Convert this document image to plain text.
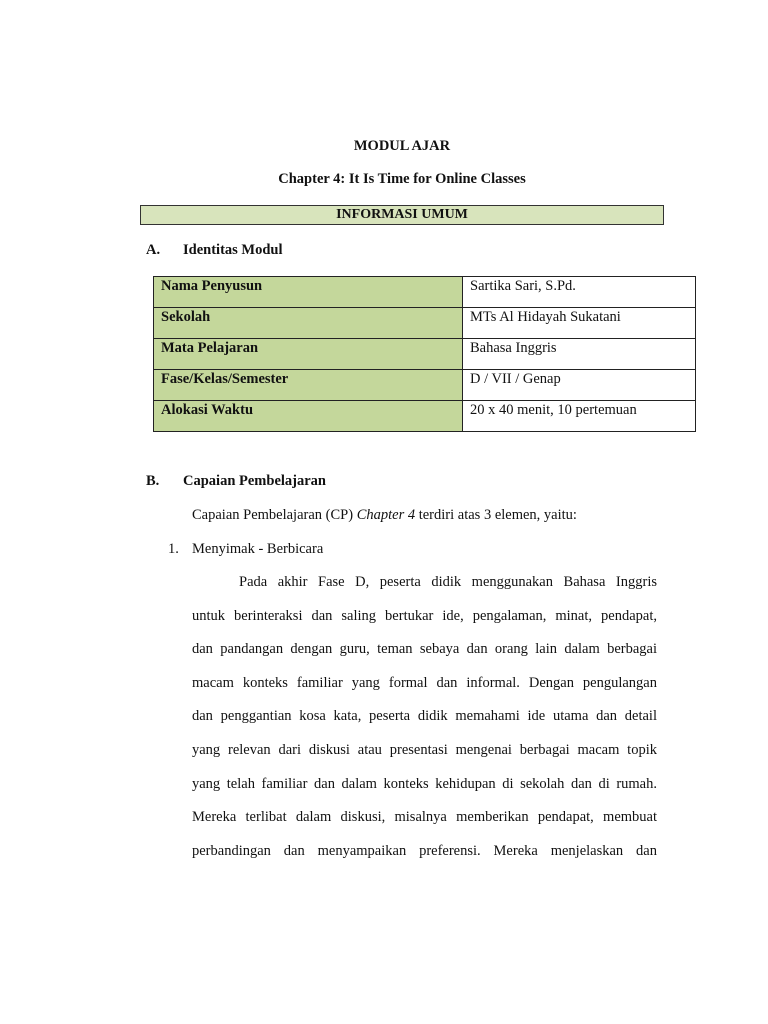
MODUL AJAR
Chapter 4: It Is Time for Online Classes
INFORMASI UMUM
A. Identitas Modul
Nama Penyusun	Sartika Sari, S.Pd.
Sekolah	MTs Al Hidayah Sukatani
Mata Pelajaran	Bahasa Inggris
Fase/Kelas/Semester	D / VII / Genap
Alokasi Waktu	20 x 40 menit, 10 pertemuan
B. Capaian Pembelajaran
Capaian Pembelajaran (CP) Chapter 4 terdiri atas 3 elemen, yaitu:
1. Menyimak - Berbicara
Pada akhir Fase D, peserta didik menggunakan Bahasa Inggris
untuk berinteraksi dan saling bertukar ide, pengalaman, minat, pendapat,
dan pandangan dengan guru, teman sebaya dan orang lain dalam berbagai
macam konteks familiar yang formal dan informal. Dengan pengulangan
dan penggantian kosa kata, peserta didik memahami ide utama dan detail
yang relevan dari diskusi atau presentasi mengenai berbagai macam topik
yang telah familiar dan dalam konteks kehidupan di sekolah dan di rumah.
Mereka terlibat dalam diskusi, misalnya memberikan pendapat, membuat
perbandingan dan menyampaikan preferensi. Mereka menjelaskan dan
